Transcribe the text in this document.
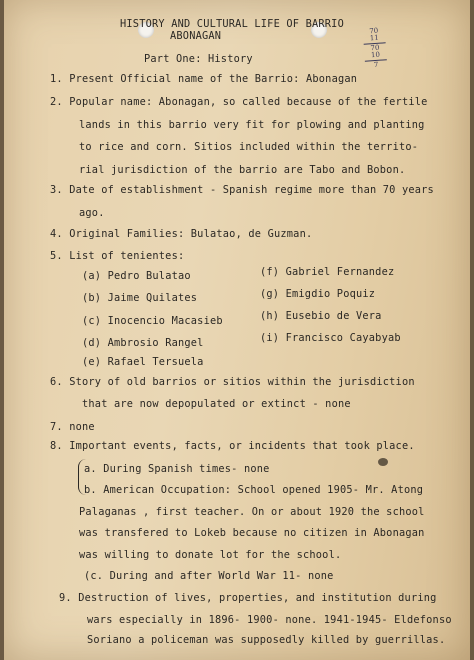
HISTORY AND CULTURAL LIFE OF BARRIO
ABONAGAN	70
11
70
10
7
Part One: History
1. Present Official name of the Barrio: Abonagan
2. Popular name: Abonagan, so called because of the fertile
lands in this barrio very fit for plowing and planting
to rice and corn. Sitios included within the territo-
rial jurisdiction of the barrio are Tabo and Bobon.
3. Date of establishment - Spanish regime more than 70 years
ago.
4. Original Families: Bulatao, de Guzman.
5. List of tenientes:
(a) Pedro Bulatao	(f) Gabriel Fernandez
(b) Jaime Quilates	(g) Emigdio Poquiz
(c) Inocencio Macasieb	(h) Eusebio de Vera
(d) Ambrosio Rangel	(i) Francisco Cayabyab
(e) Rafael Tersuela
6. Story of old barrios or sitios within the jurisdiction
that are now depopulated or extinct - none
7. none
8. Important events, facts, or incidents that took place.
a. During Spanish times- none
b. American Occupation: School opened 1905- Mr. Atong
Palaganas , first teacher. On or about 1920 the school
was transfered to Lokeb because no citizen in Abonagan
was willing to donate lot for the school.
(c. During and after World War 11- none
9. Destruction of lives, properties, and institution during
wars especially in 1896- 1900- none. 1941-1945- Eldefonso
Soriano a policeman was supposedly killed by guerrillas.
